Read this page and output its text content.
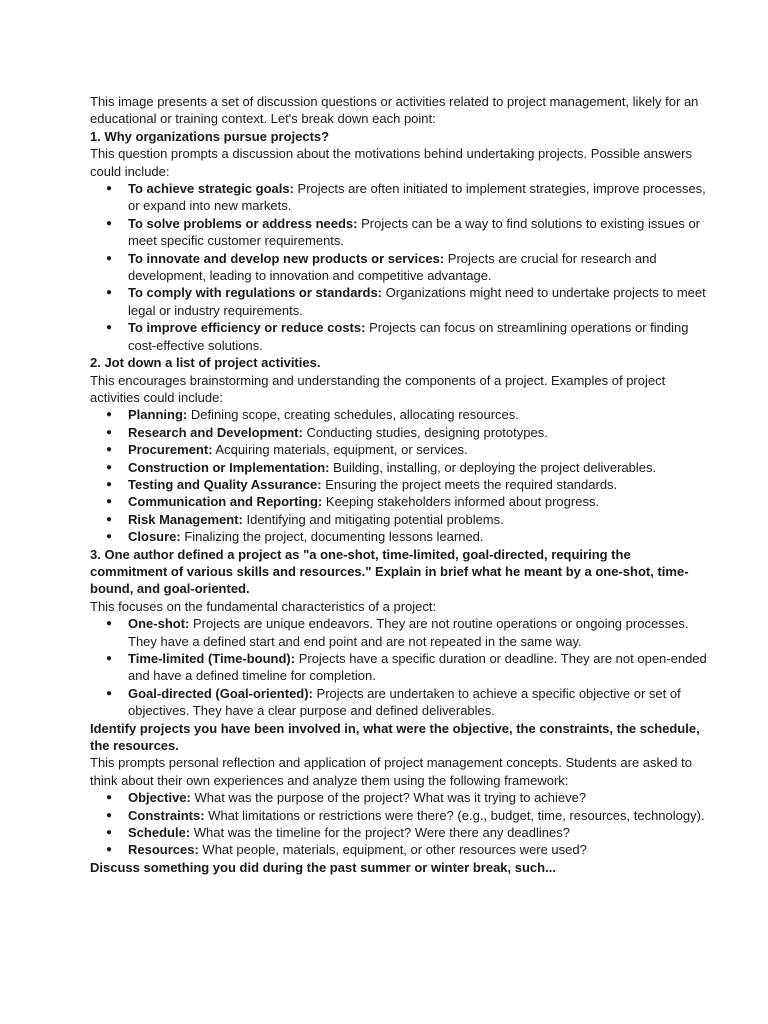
This image presents a set of discussion questions or activities related to project management, likely for an educational or training context. Let's break down each point:

1. Why organizations pursue projects?

This question prompts a discussion about the motivations behind undertaking projects. Possible answers could include:

● To achieve strategic goals: Projects are often initiated to implement strategies, improve processes, or expand into new markets.
● To solve problems or address needs: Projects can be a way to find solutions to existing issues or meet specific customer requirements.
● To innovate and develop new products or services: Projects are crucial for research and development, leading to innovation and competitive advantage.
● To comply with regulations or standards: Organizations might need to undertake projects to meet legal or industry requirements.
● To improve efficiency or reduce costs: Projects can focus on streamlining operations or finding cost-effective solutions.

2. Jot down a list of project activities.

This encourages brainstorming and understanding the components of a project. Examples of project activities could include:

● Planning: Defining scope, creating schedules, allocating resources.
● Research and Development: Conducting studies, designing prototypes.
● Procurement: Acquiring materials, equipment, or services.
● Construction or Implementation: Building, installing, or deploying the project deliverables.
● Testing and Quality Assurance: Ensuring the project meets the required standards.
● Communication and Reporting: Keeping stakeholders informed about progress.
● Risk Management: Identifying and mitigating potential problems.
● Closure: Finalizing the project, documenting lessons learned.

3. One author defined a project as "a one-shot, time-limited, goal-directed, requiring the commitment of various skills and resources." Explain in brief what he meant by a one-shot, time-bound, and goal-oriented.

This focuses on the fundamental characteristics of a project:

● One-shot: Projects are unique endeavors. They are not routine operations or ongoing processes. They have a defined start and end point and are not repeated in the same way.
● Time-limited (Time-bound): Projects have a specific duration or deadline. They are not open-ended and have a defined timeline for completion.
● Goal-directed (Goal-oriented): Projects are undertaken to achieve a specific objective or set of objectives. They have a clear purpose and defined deliverables.

Identify projects you have been involved in, what were the objective, the constraints, the schedule, the resources.

This prompts personal reflection and application of project management concepts. Students are asked to think about their own experiences and analyze them using the following framework:

● Objective: What was the purpose of the project? What was it trying to achieve?
● Constraints: What limitations or restrictions were there? (e.g., budget, time, resources, technology).
● Schedule: What was the timeline for the project? Were there any deadlines?
● Resources: What people, materials, equipment, or other resources were used?

Discuss something you did during the past summer or winter break, such...
